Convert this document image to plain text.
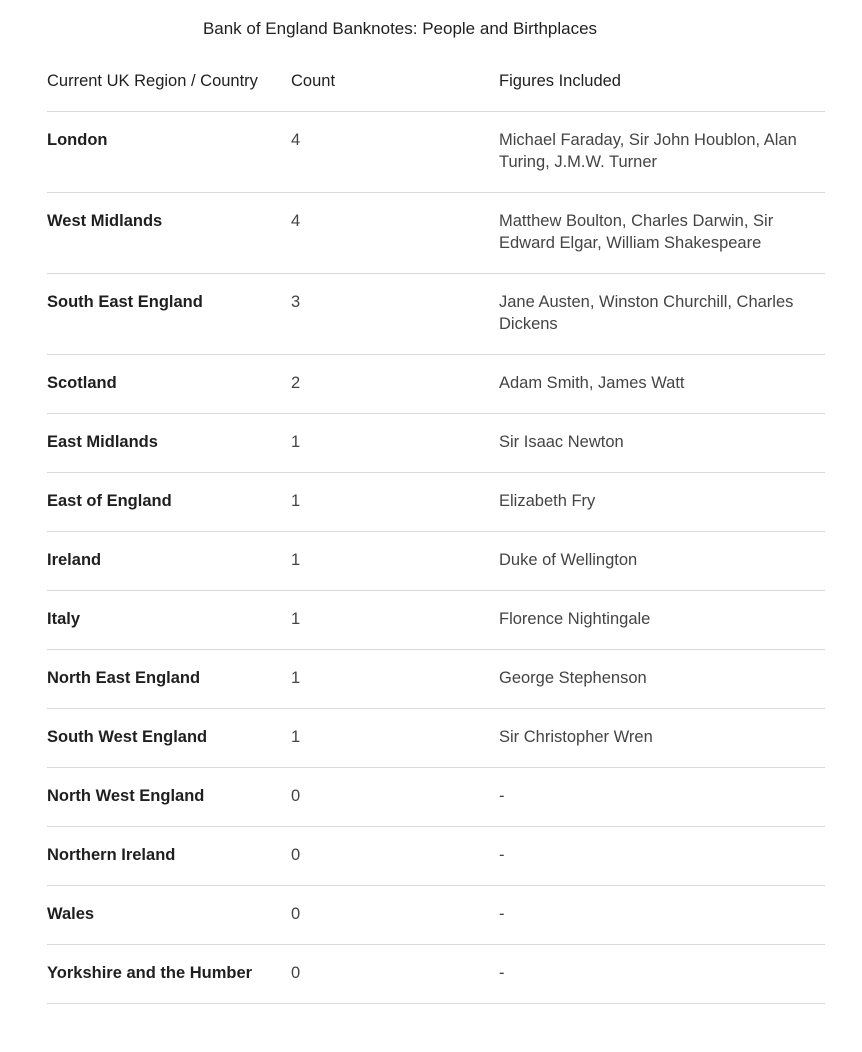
Bank of England Banknotes: People and Birthplaces
Current UK Region / Country	Count	Figures Included
London	4	Michael Faraday, Sir John Houblon, Alan Turing, J.M.W. Turner
West Midlands	4	Matthew Boulton, Charles Darwin, Sir Edward Elgar, William Shakespeare
South East England	3	Jane Austen, Winston Churchill, Charles Dickens
Scotland	2	Adam Smith, James Watt
East Midlands	1	Sir Isaac Newton
East of England	1	Elizabeth Fry
Ireland	1	Duke of Wellington
Italy	1	Florence Nightingale
North East England	1	George Stephenson
South West England	1	Sir Christopher Wren
North West England	0	-
Northern Ireland	0	-
Wales	0	-
Yorkshire and the Humber	0	-
